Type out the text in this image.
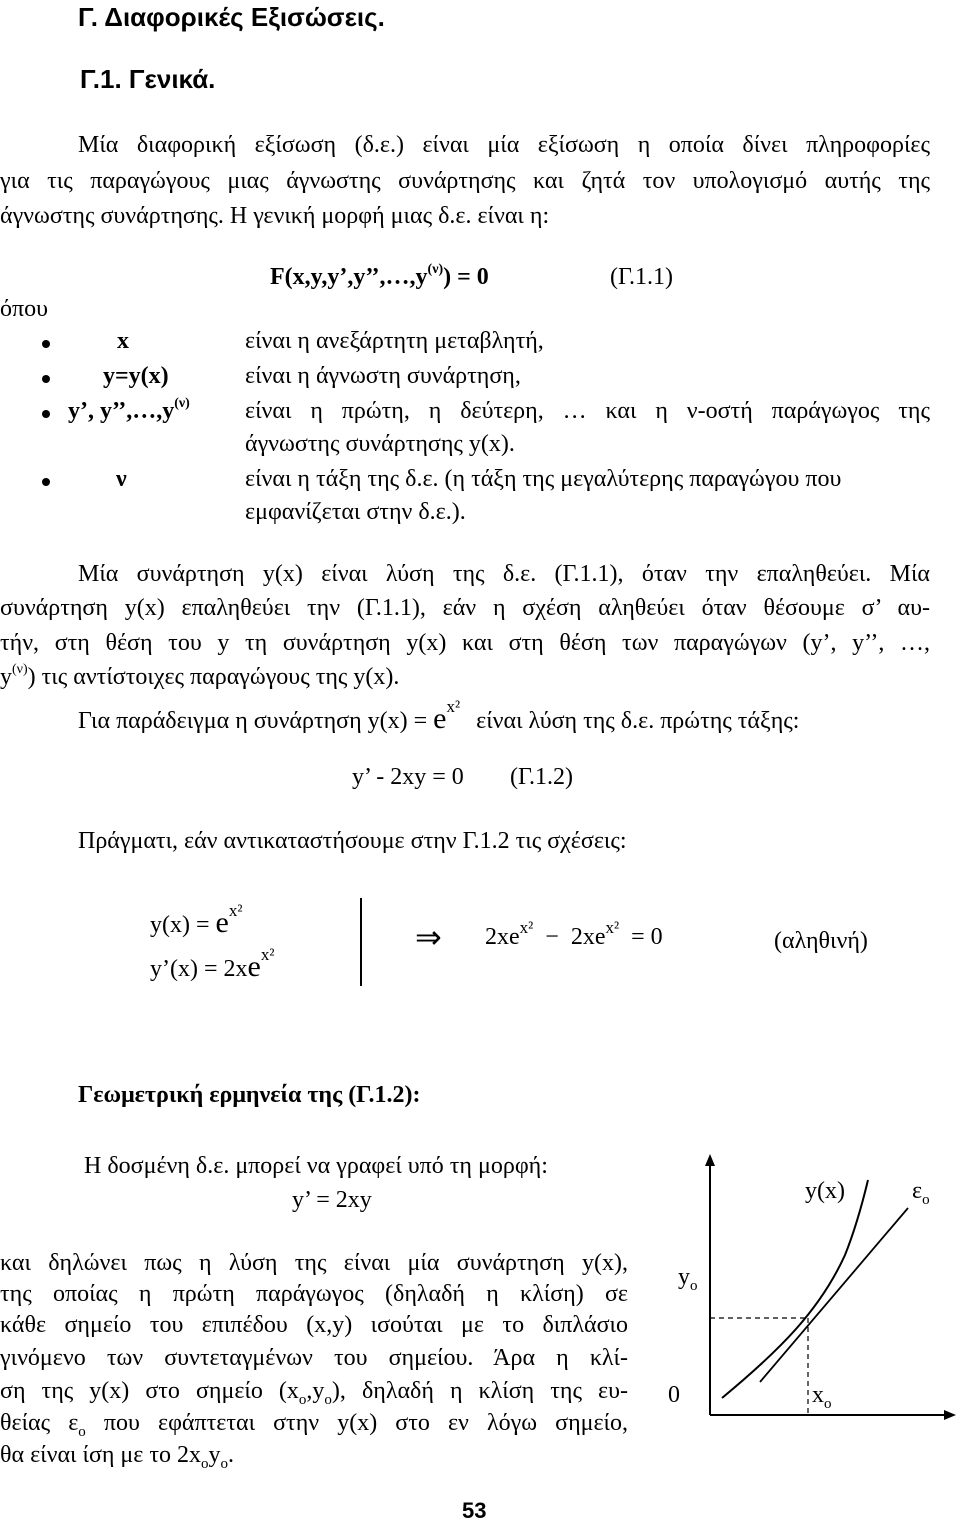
Γ. Διαφορικές Εξισώσεις.
Γ.1. Γενικά.
Μία διαφορική εξίσωση (δ.ε.) είναι μία εξίσωση η οποία δίνει πληροφορίες
για τις παραγώγους μιας άγνωστης συνάρτησης και ζητά τον υπολογισμό αυτής της
άγνωστης συνάρτησης. Η γενική μορφή μιας δ.ε. είναι η:
$F(x,y,y’,y’’,\dots,y^{(\nu)}) = 0$	(Γ.1.1)
όπου
x	είναι η ανεξάρτητη μεταβλητή,
y=y(x)	είναι η άγνωστη συνάρτηση,
y’, $y’’,\dots,y^{(\nu)}$ είναι η πρώτη, η δεύτερη, … και η ν-οστή παράγωγος της
άγνωστης συνάρτησης y(x).
ν	είναι η τάξη της δ.ε. (η τάξη της μεγαλύτερης παραγώγου που
εμφανίζεται στην δ.ε.).
Μία συνάρτηση y(x) είναι λύση της δ.ε. (Γ.1.1), όταν την επαληθεύει. Μία
συνάρτηση y(x) επαληθεύει την (Γ.1.1), εάν η σχέση αληθεύει όταν θέσουμε σ’ αυ-
τήν, στη θέση του y τη συνάρτηση y(x) και στη θέση των παραγώγων (y’, y’’, …,
$y^{(\nu)}$) τις αντίστοιχες παραγώγους της y(x).
Για παράδειγμα η συνάρτηση $y(x) = e^{x^2}$ είναι λύση της δ.ε. πρώτης τάξης:
y’ - 2xy = 0 (Γ.1.2)
Πράγματι, εάν αντικαταστήσουμε στην Γ.1.2 τις σχέσεις:
$y(x) = e^{x^2}$
y’(x) = $2xe^{x^2}$	⇒ $2xe^{x^2} - 2xe^{x^2} = 0$	(αληθινή)
Γεωμετρική ερμηνεία της (Γ.1.2):
Η δοσμένη δ.ε. μπορεί να γραφεί υπό τη μορφή:
y’ = 2xy
και δηλώνει πως η λύση της είναι μία συνάρτηση y(x),
της οποίας η πρώτη παράγωγος (δηλαδή η κλίση) σε
κάθε σημείο του επιπέδου (x,y) ισούται με το διπλάσιο
γινόμενο των συντεταγμένων του σημείου. Άρα η κλί-
ση της y(x) στο σημείο $(x_o,y_o)$, δηλαδή η κλίση της ευ-
θείας $\varepsilon_o$ που εφάπτεται στην y(x) στο εν λόγω σημείο,
θα είναι ίση με το $2x_oy_o$.
y(x)	$\varepsilon_o$
$y_o$
0	$x_o$
53
